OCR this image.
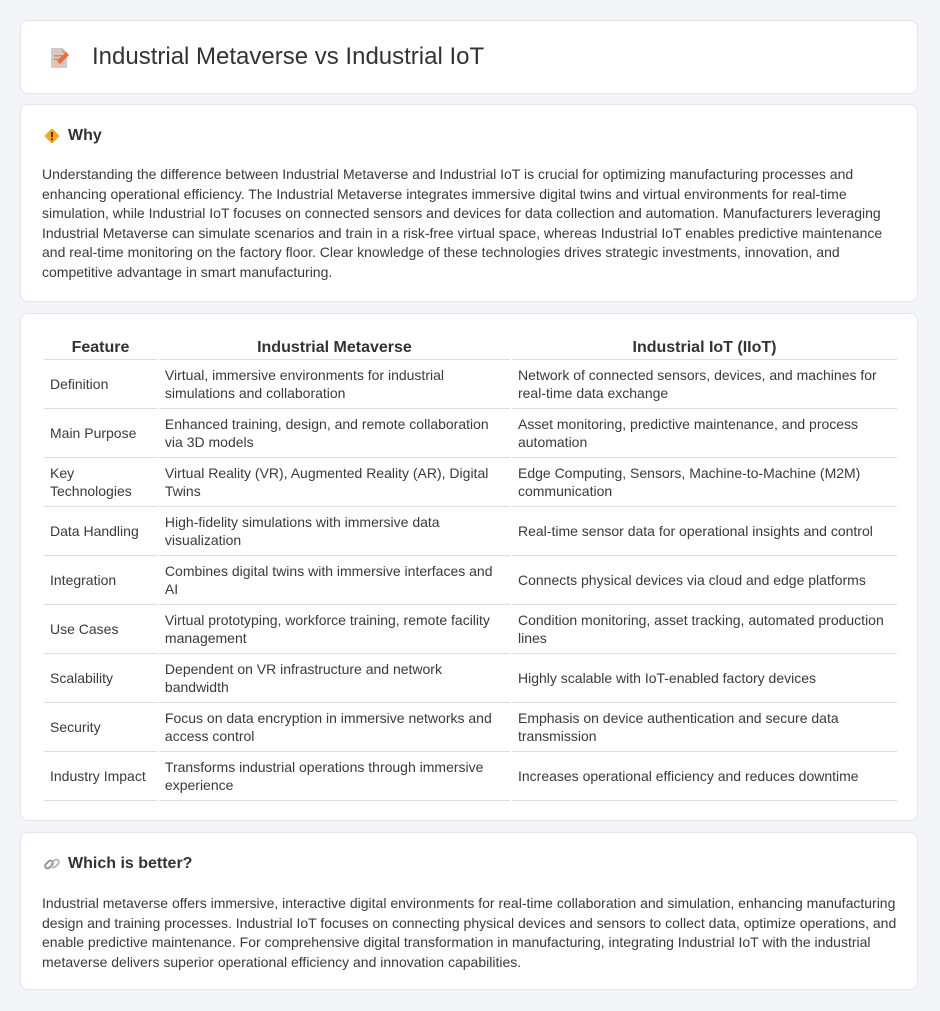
Industrial Metaverse vs Industrial IoT
Why

Understanding the difference between Industrial Metaverse and Industrial IoT is crucial for optimizing manufacturing processes and enhancing operational efficiency. The Industrial Metaverse integrates immersive digital twins and virtual environments for real-time simulation, while Industrial IoT focuses on connected sensors and devices for data collection and automation. Manufacturers leveraging Industrial Metaverse can simulate scenarios and train in a risk-free virtual space, whereas Industrial IoT enables predictive maintenance and real-time monitoring on the factory floor. Clear knowledge of these technologies drives strategic investments, innovation, and competitive advantage in smart manufacturing.

Feature	Industrial Metaverse	Industrial IoT (IIoT)
Definition	Virtual, immersive environments for industrial simulations and collaboration	Network of connected sensors, devices, and machines for real-time data exchange
Main Purpose	Enhanced training, design, and remote collaboration via 3D models	Asset monitoring, predictive maintenance, and process automation
Key Technologies	Virtual Reality (VR), Augmented Reality (AR), Digital Twins	Edge Computing, Sensors, Machine-to-Machine (M2M) communication
Data Handling	High-fidelity simulations with immersive data visualization	Real-time sensor data for operational insights and control
Integration	Combines digital twins with immersive interfaces and AI	Connects physical devices via cloud and edge platforms
Use Cases	Virtual prototyping, workforce training, remote facility management	Condition monitoring, asset tracking, automated production lines
Scalability	Dependent on VR infrastructure and network bandwidth	Highly scalable with IoT-enabled factory devices
Security	Focus on data encryption in immersive networks and access control	Emphasis on device authentication and secure data transmission
Industry Impact	Transforms industrial operations through immersive experience	Increases operational efficiency and reduces downtime
Which is better?

Industrial metaverse offers immersive, interactive digital environments for real-time collaboration and simulation, enhancing manufacturing design and training processes. Industrial IoT focuses on connecting physical devices and sensors to collect data, optimize operations, and enable predictive maintenance. For comprehensive digital transformation in manufacturing, integrating Industrial IoT with the industrial metaverse delivers superior operational efficiency and innovation capabilities.
